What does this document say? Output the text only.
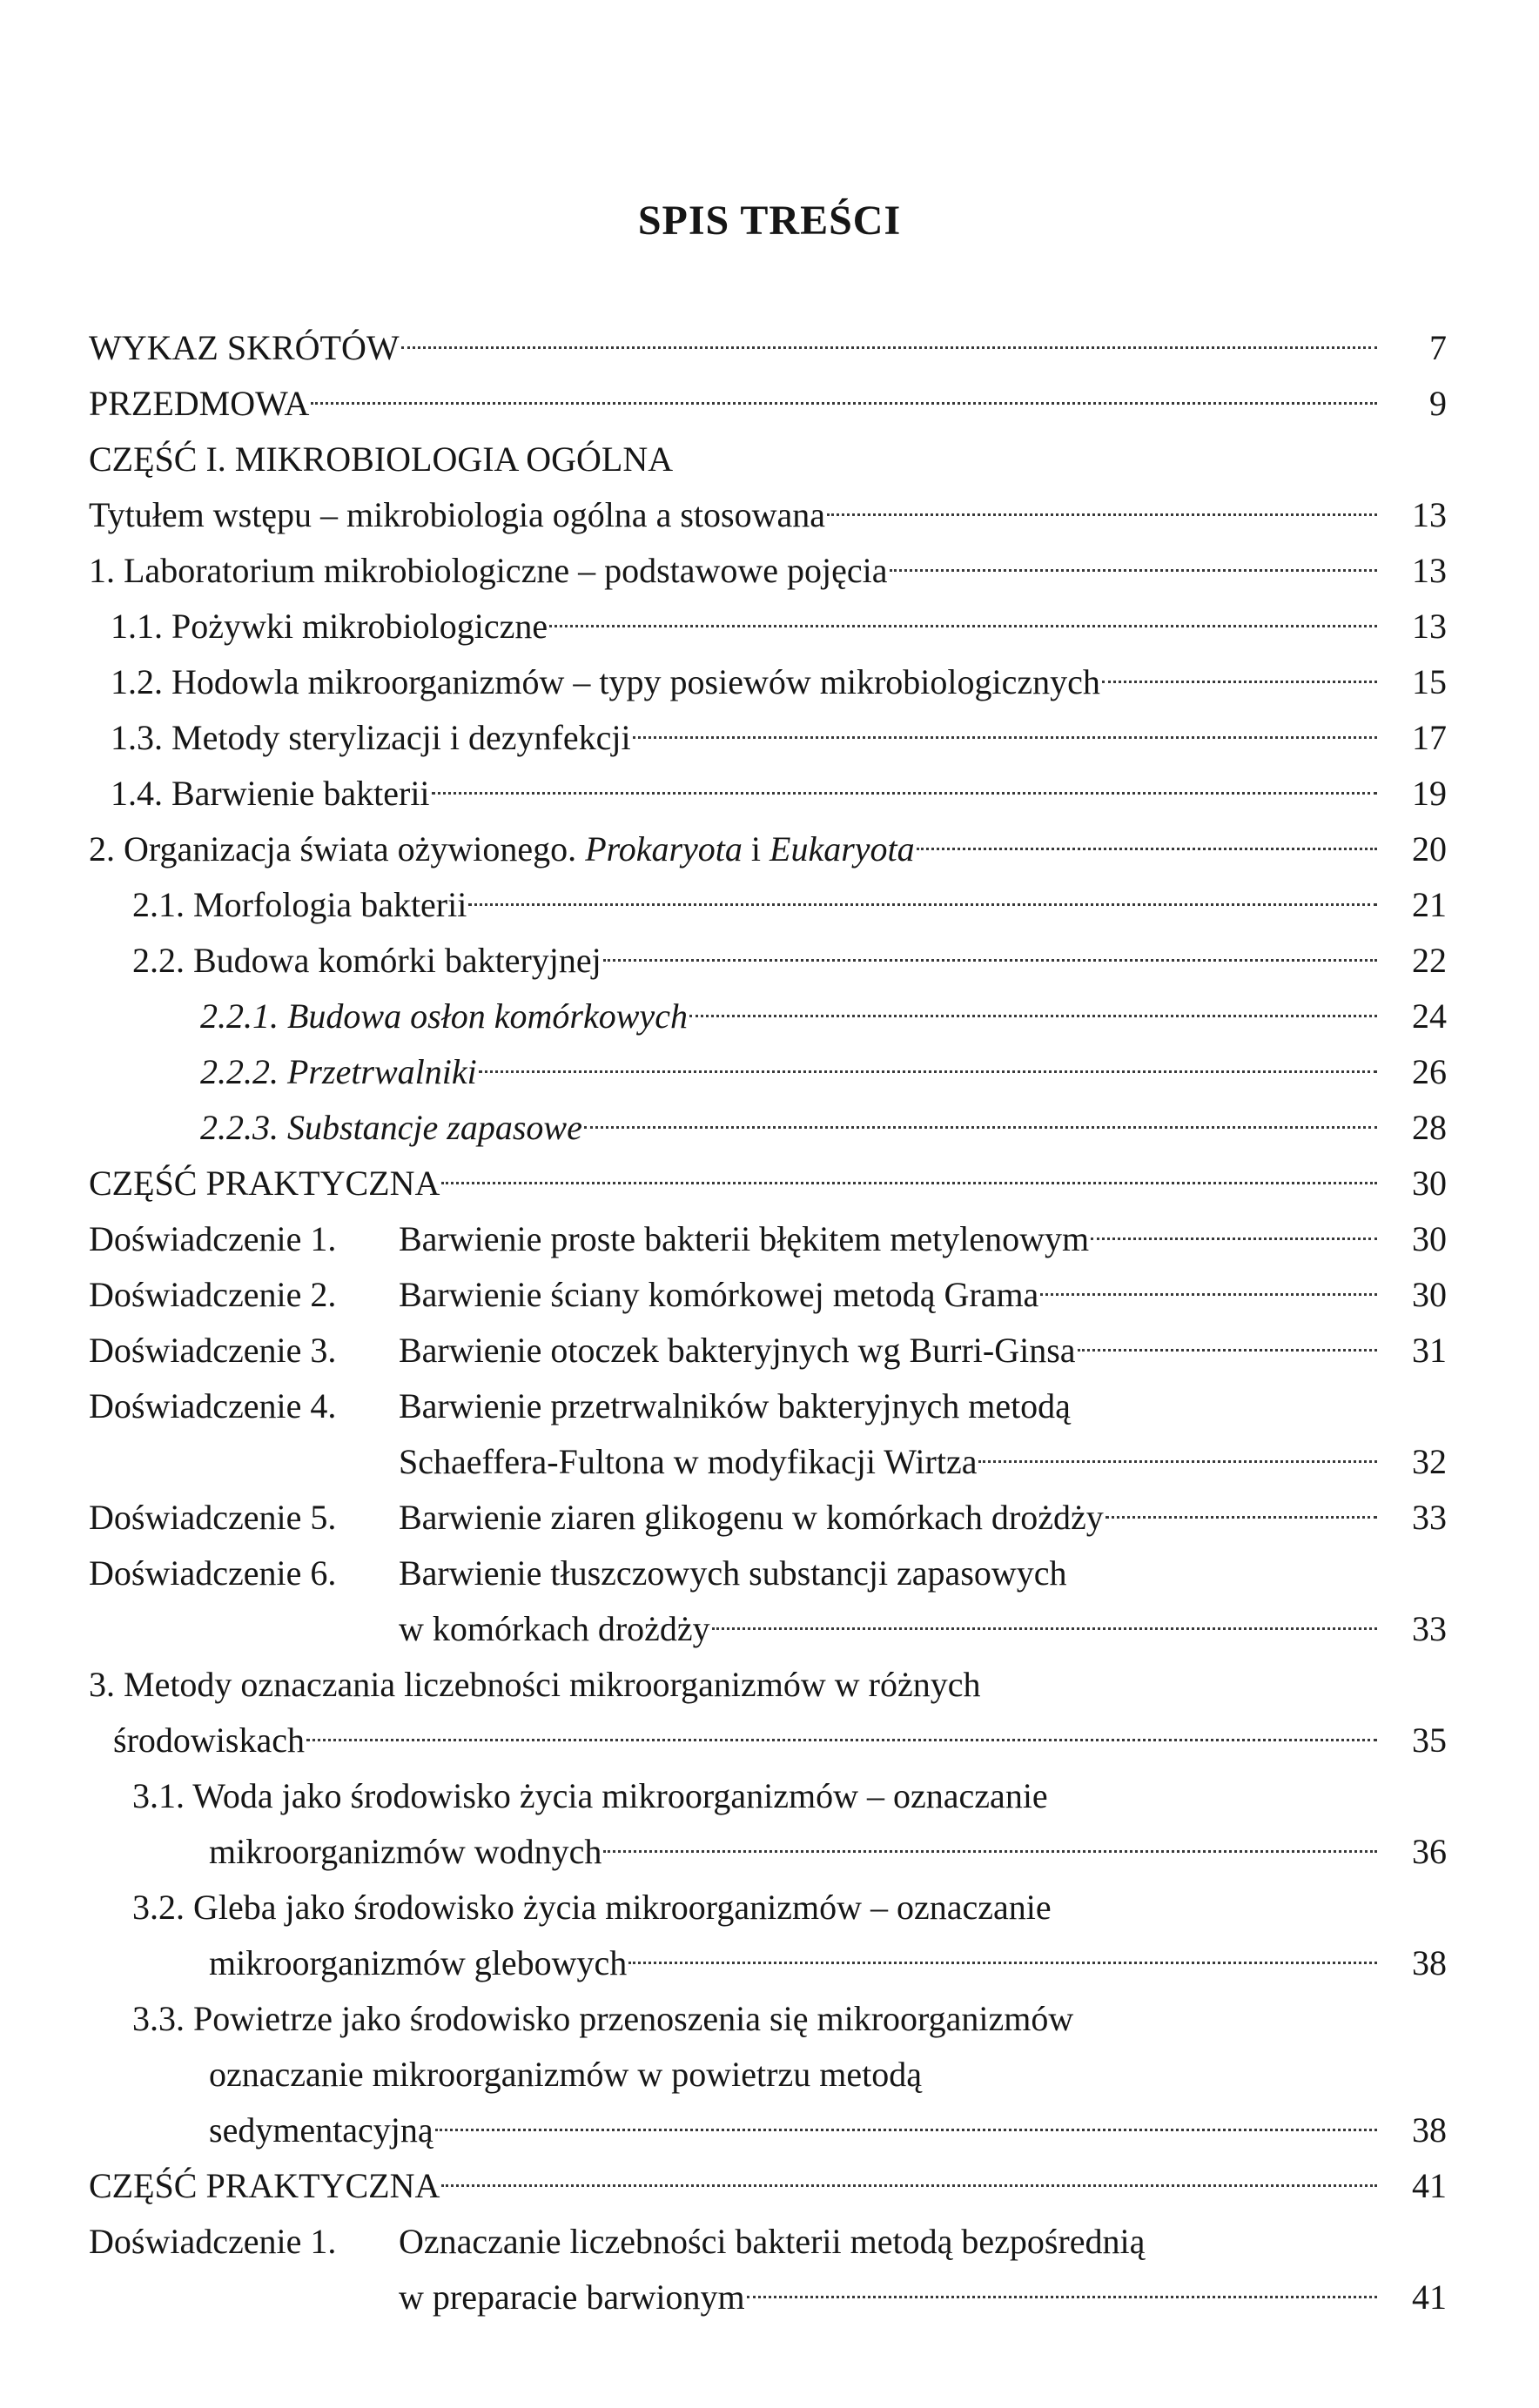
SPIS TREŚCI
WYKAZ SKRÓTÓW	7
PRZEDMOWA	9
CZĘŚĆ I. MIKROBIOLOGIA OGÓLNA
Tytułem wstępu – mikrobiologia ogólna a stosowana	13
1. Laboratorium mikrobiologiczne – podstawowe pojęcia	13
1.1. Pożywki mikrobiologiczne	13
1.2. Hodowla mikroorganizmów – typy posiewów mikrobiologicznych	15
1.3. Metody sterylizacji i dezynfekcji	17
1.4. Barwienie bakterii	19
2. Organizacja świata ożywionego. Prokaryota i Eukaryota	20
2.1. Morfologia bakterii	21
2.2. Budowa komórki bakteryjnej	22
2.2.1. Budowa osłon komórkowych	24
2.2.2. Przetrwalniki	26
2.2.3. Substancje zapasowe	28
CZĘŚĆ PRAKTYCZNA	30
Doświadczenie 1.	Barwienie proste bakterii błękitem metylenowym	30
Doświadczenie 2.	Barwienie ściany komórkowej metodą Grama	30
Doświadczenie 3.	Barwienie otoczek bakteryjnych wg Burri-Ginsa	31
Doświadczenie 4.	Barwienie przetrwalników bakteryjnych metodą
Schaeffera-Fultona w modyfikacji Wirtza	32
Doświadczenie 5.	Barwienie ziaren glikogenu w komórkach drożdży	33
Doświadczenie 6.	Barwienie tłuszczowych substancji zapasowych
w komórkach drożdży	33
3. Metody oznaczania liczebności mikroorganizmów w różnych
środowiskach	35
3.1. Woda jako środowisko życia mikroorganizmów – oznaczanie
mikroorganizmów wodnych	36
3.2. Gleba jako środowisko życia mikroorganizmów – oznaczanie
mikroorganizmów glebowych	38
3.3. Powietrze jako środowisko przenoszenia się mikroorganizmów
oznaczanie mikroorganizmów w powietrzu metodą
sedymentacyjną	38
CZĘŚĆ PRAKTYCZNA	41
Doświadczenie 1.	Oznaczanie liczebności bakterii metodą bezpośrednią
w preparacie barwionym	41
